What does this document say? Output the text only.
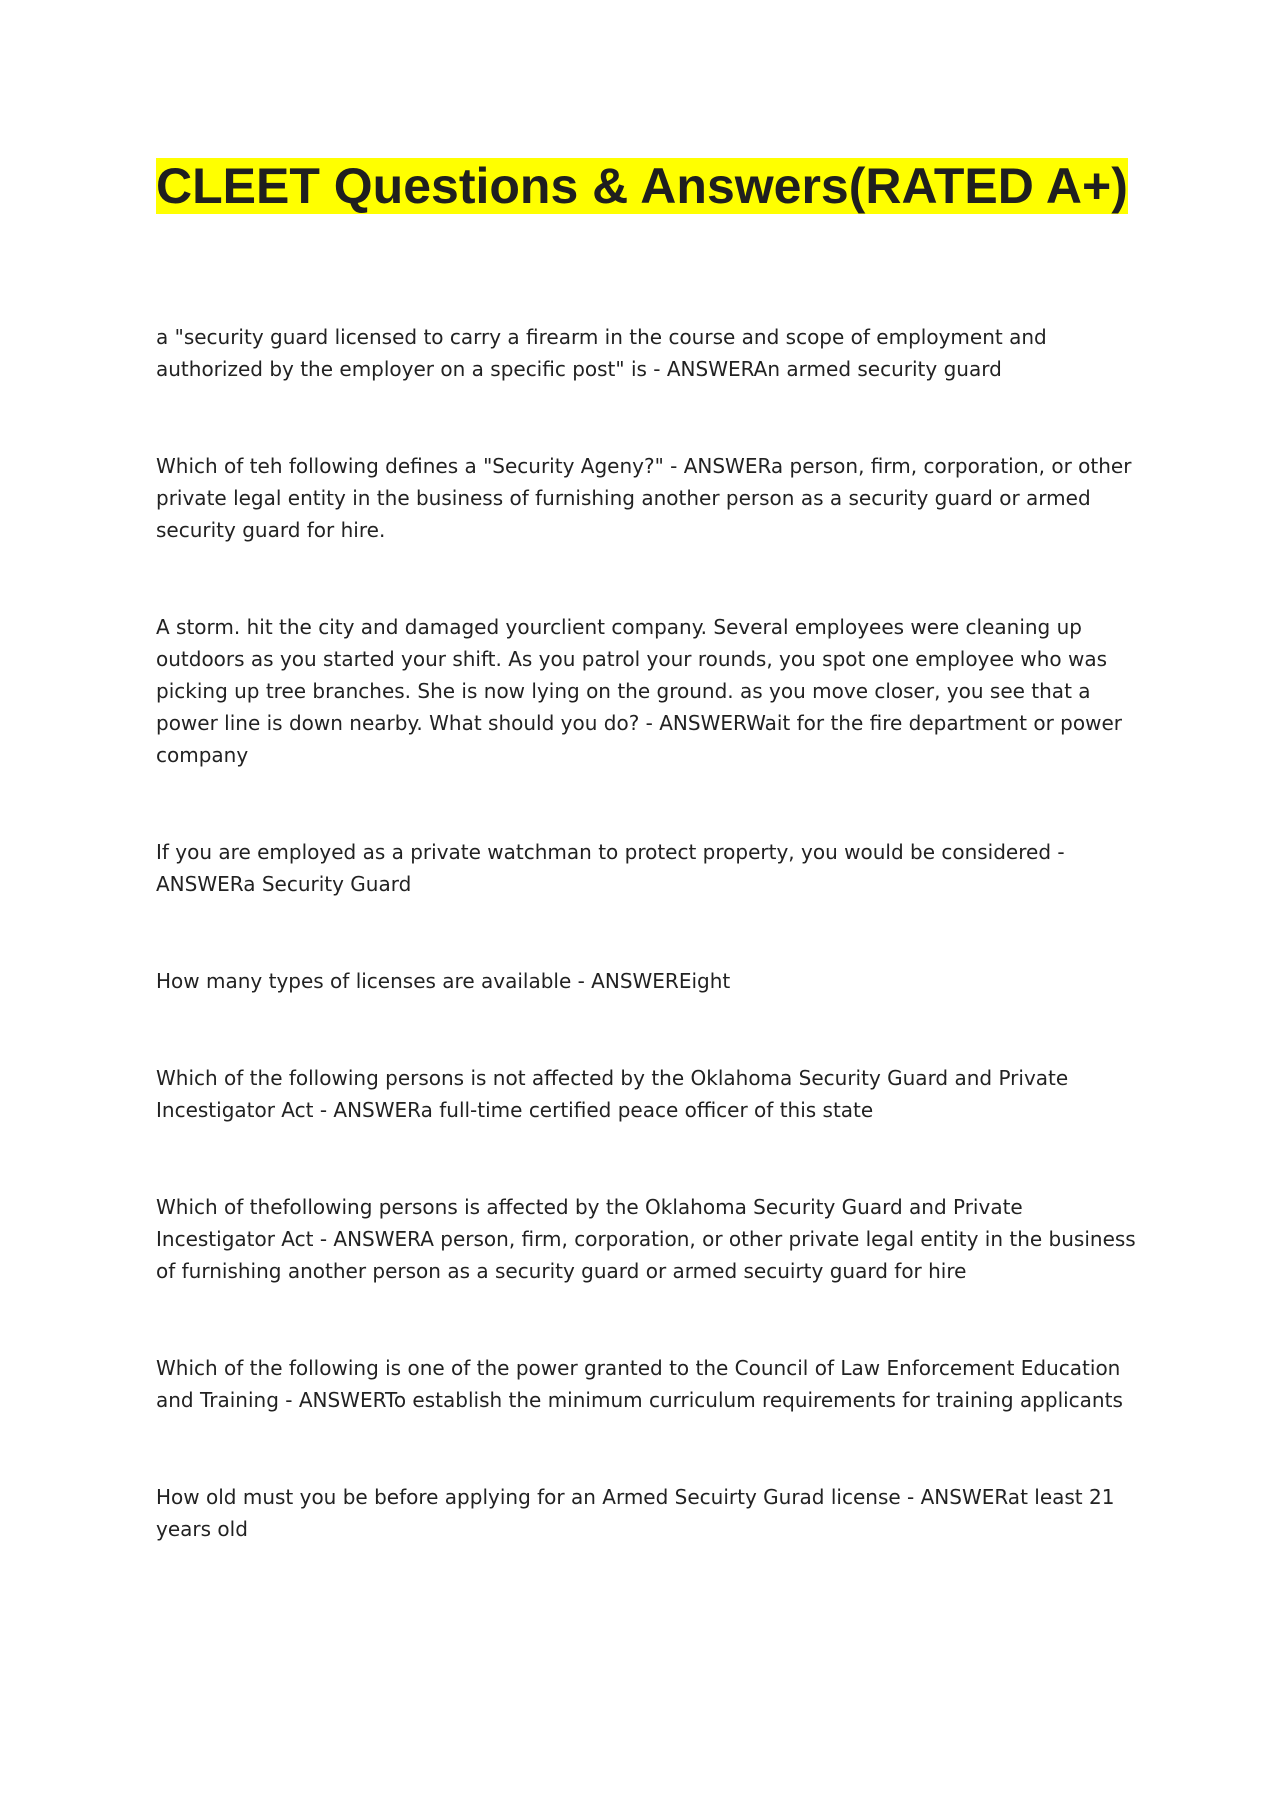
CLEET Questions & Answers(RATED A+)
a "security guard licensed to carry a firearm in the course and scope of employment and authorized by the employer on a specific post" is - ANSWERAn armed security guard
Which of teh following defines a "Security Ageny?" - ANSWERa person, firm, corporation, or other private legal entity in the business of furnishing another person as a security guard or armed security guard for hire.
A storm. hit the city and damaged yourclient company. Several employees were cleaning up outdoors as you started your shift. As you patrol your rounds, you spot one employee who was picking up tree branches. She is now lying on the ground. as you move closer, you see that a power line is down nearby. What should you do? - ANSWERWait for the fire department or power company
If you are employed as a private watchman to protect property, you would be considered - ANSWERa Security Guard
How many types of licenses are available - ANSWEREight
Which of the following persons is not affected by the Oklahoma Security Guard and Private Incestigator Act - ANSWERa full-time certified peace officer of this state
Which of thefollowing persons is affected by the Oklahoma Security Guard and Private Incestigator Act - ANSWERA person, firm, corporation, or other private legal entity in the business of furnishing another person as a security guard or armed secuirty guard for hire
Which of the following is one of the power granted to the Council of Law Enforcement Education and Training - ANSWERTo establish the minimum curriculum requirements for training applicants
How old must you be before applying for an Armed Secuirty Gurad license - ANSWERat least 21 years old
